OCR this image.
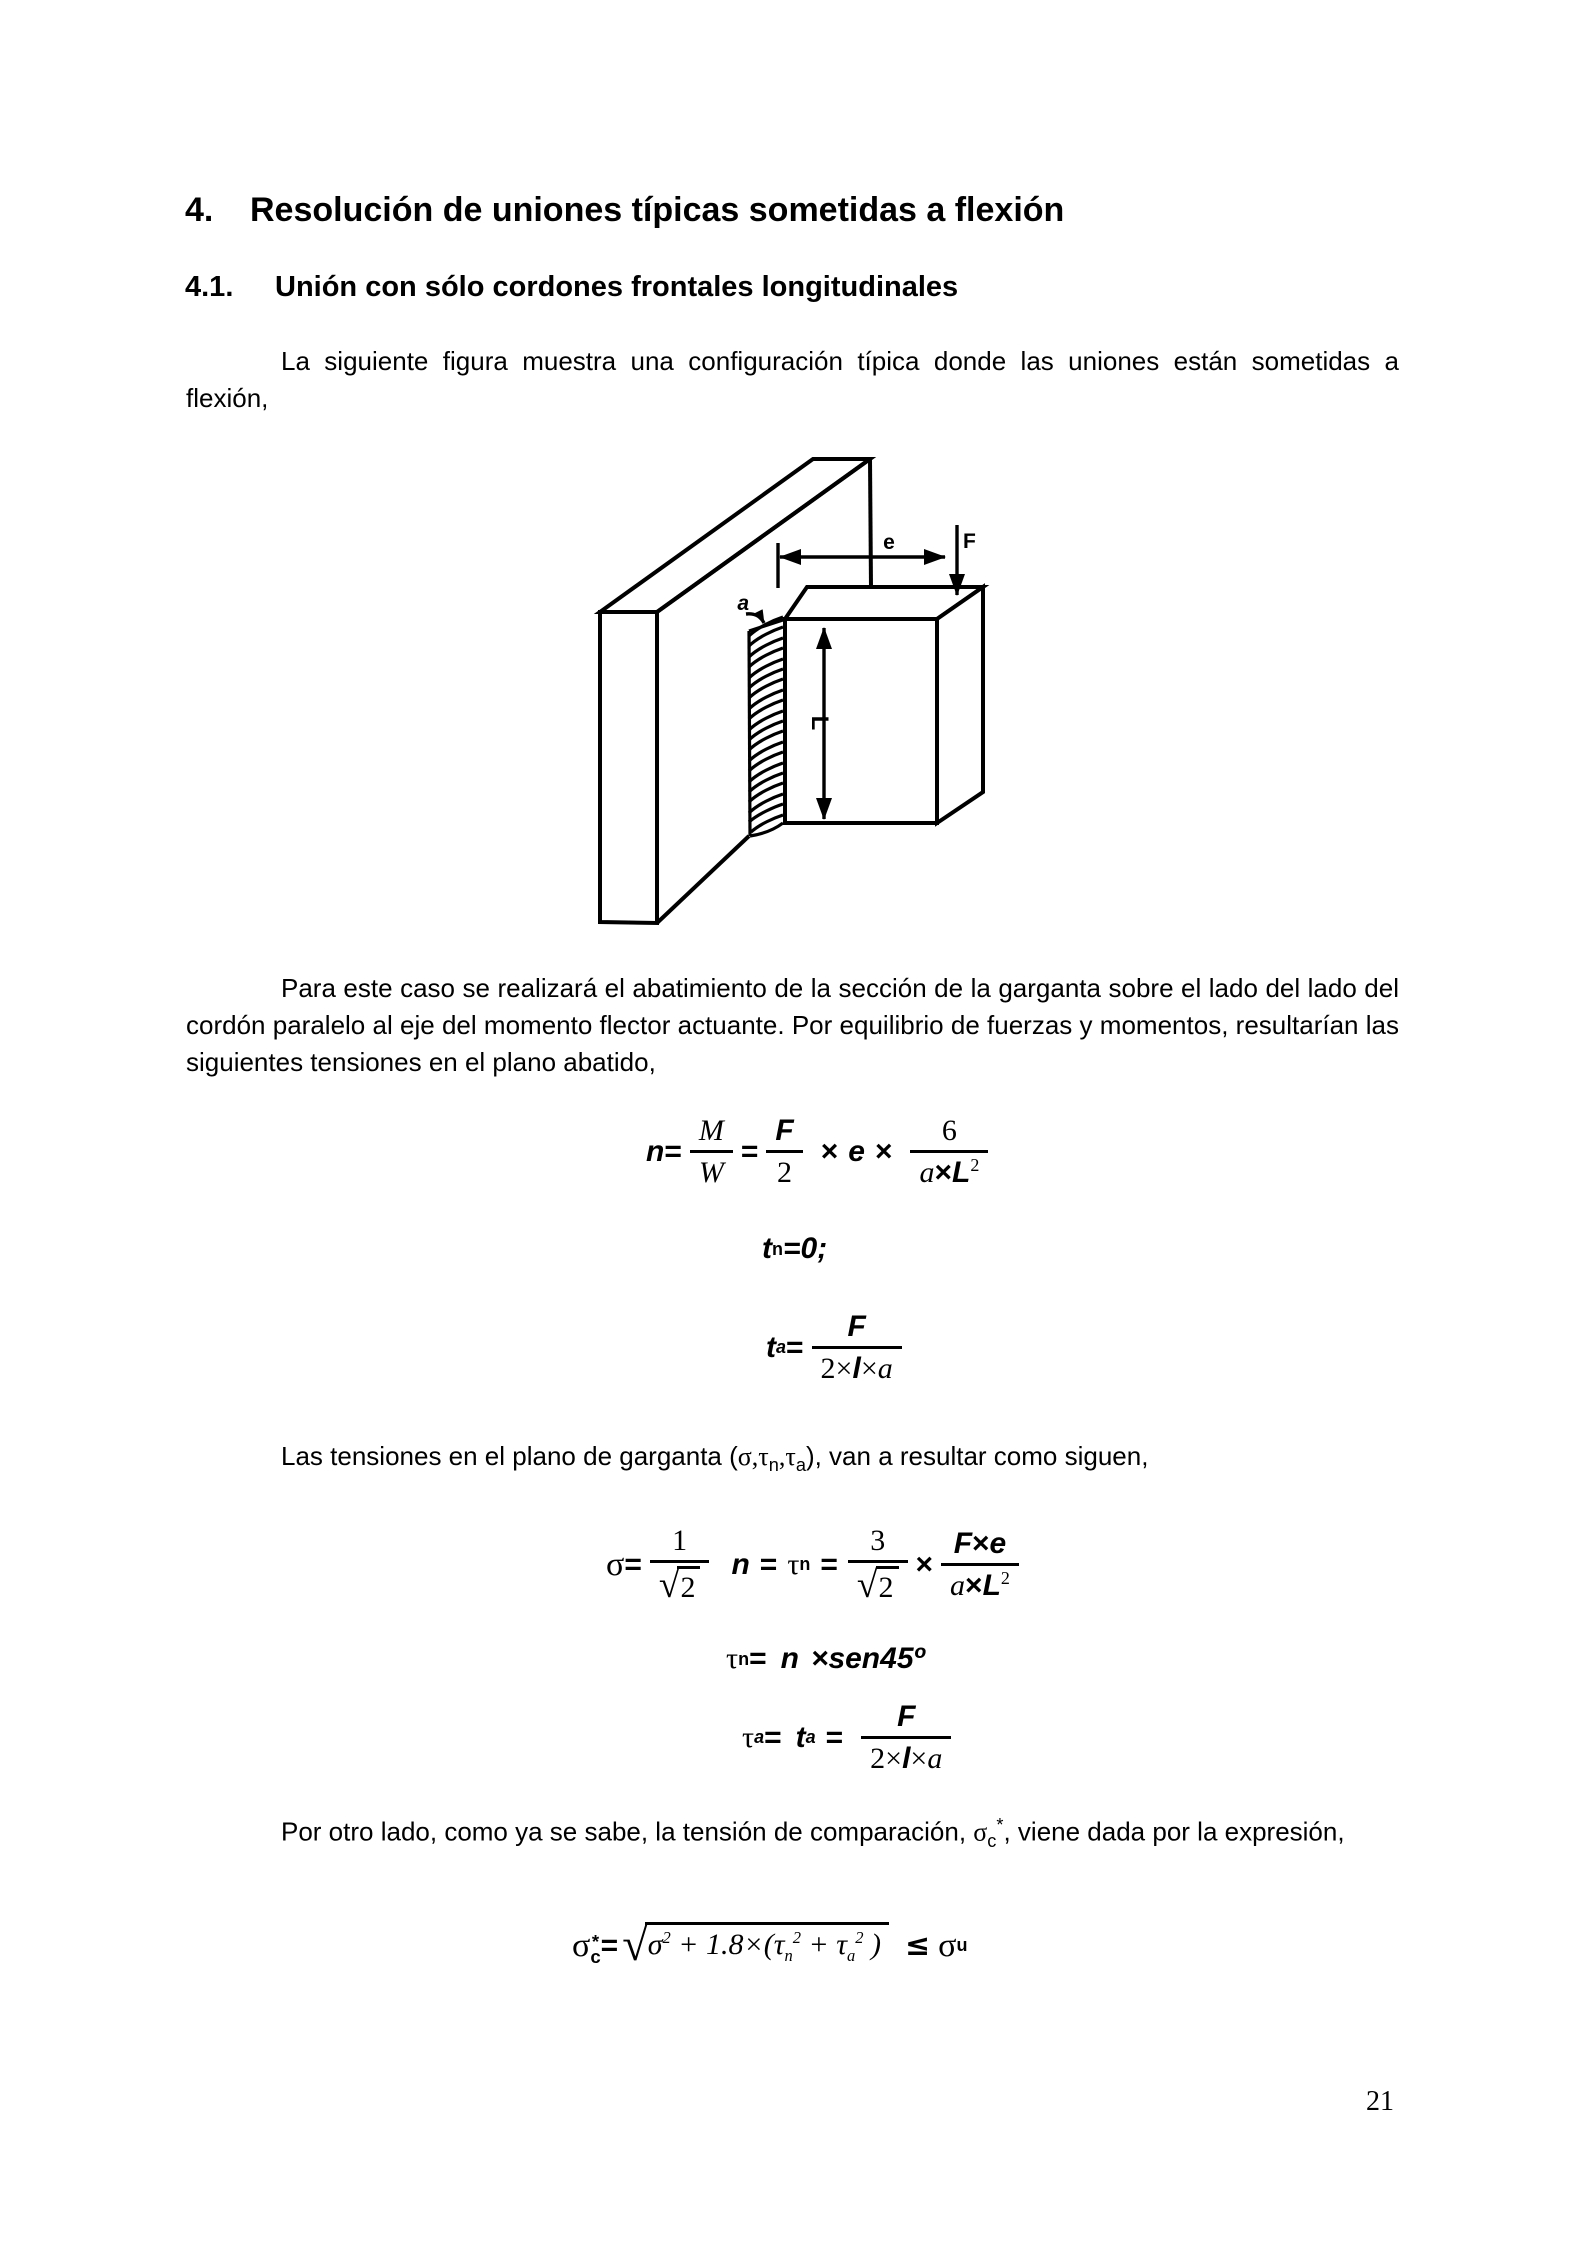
4.	Resolución de uniones típicas sometidas a flexión
4.1.	Unión con sólo cordones frontales longitudinales

La siguiente figura muestra una configuración típica donde las uniones están sometidas a flexión,

e	F
a
L

Para este caso se realizará el abatimiento de la sección de la garganta sobre el lado del lado del cordón paralelo al eje del momento flector actuante. Por equilibrio de fuerzas y momentos, resultarían las siguientes tensiones en el plano abatido,

$n = \frac{M}{W} = \frac{F}{2} \times e \times \frac{6}{a\times L^2}$
t n =0;
t $a = \frac{F}{2\times l\times a}$

Las tensiones en el plano de garganta $(\sigma,\tau_n,\tau_a)$, van a resultar como siguen,

$\sigma = \frac{1}{√ 2}$ n = τ $n = \frac{3}{√ 2} \times \frac{F\times e}{a\times L^2}$
τ n = n ×sen45º
τ a = t $a = \frac{F}{2\times l\times a}$

Por otro lado, como ya se sabe, la tensión de comparación, $\sigma_c^*$, viene dada por la expresión,

σ *
c = √ $\sigma^2 + 1.8\times(\tau_n^2 + \tau_a^2$ ) ≤ σ u
21
